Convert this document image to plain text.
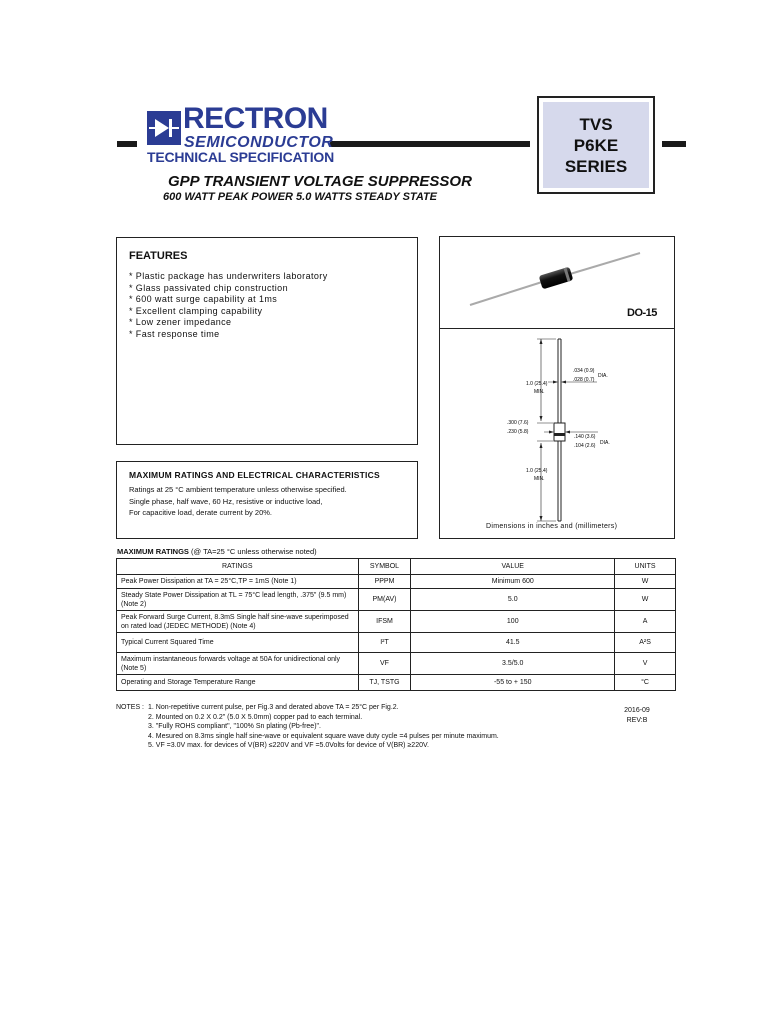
RECTRON
SEMICONDUCTOR
TECHNICAL SPECIFICATION
TVS
P6KE
SERIES
GPP TRANSIENT VOLTAGE SUPPRESSOR
600 WATT PEAK POWER 5.0 WATTS STEADY STATE
FEATURES
* Plastic package has underwriters laboratory
* Glass passivated chip construction
* 600 watt surge capability at 1ms
* Excellent clamping capability
* Low zener impedance
* Fast response time
MAXIMUM RATINGS AND ELECTRICAL CHARACTERISTICS
Ratings at 25 °C ambient temperature unless otherwise specified.
Single phase, half wave, 60 Hz, resistive or inductive load,
For capacitive load, derate current by 20%.
DO-15
.034 (0.9)
.028 (0.7)
DIA.
1.0 (25.4)
MIN.
.300 (7.6)
.230 (5.8)
.140 (3.6)
.104 (2.6) DIA.
1.0 (25.4)
MIN.
Dimensions in inches and (millimeters)
MAXIMUM RATINGS (@ TA=25 °C unless otherwise noted)
RATINGS	SYMBOL	VALUE	UNITS
Peak Power Dissipation at TA = 25°C,TP = 1mS (Note 1)	PPPM	Minimum 600	W
Steady State Power Dissipation at TL = 75°C lead length, .375" (9.5 mm) (Note 2)	PM(AV)	5.0	W
Peak Forward Surge Current, 8.3mS Single half sine-wave superimposed on rated load (JEDEC METHODE) (Note 4)	IFSM	100	A
Typical Current Squared Time	I²T	41.5	A²S
Maximum instantaneous forwards voltage at 50A for unidirectional only (Note 5)	VF	3.5/5.0	V
Operating and Storage Temperature Range	TJ, TSTG	-55 to + 150	°C
NOTES : 1. Non-repetitive current pulse, per Fig.3 and derated above TA = 25°C per Fig.2.
2. Mounted on 0.2 X 0.2" (5.0 X 5.0mm) copper pad to each terminal.
3. "Fully ROHS compliant", "100% Sn plating (Pb-free)".
4. Mesured on 8.3ms single half sine-wave or equivalent square wave duty cycle =4 pulses per minute maximum.
5. VF =3.0V max. for devices of V(BR) ≤220V and VF =5.0Volts for device of V(BR) ≥220V.
2016-09
REV:B
